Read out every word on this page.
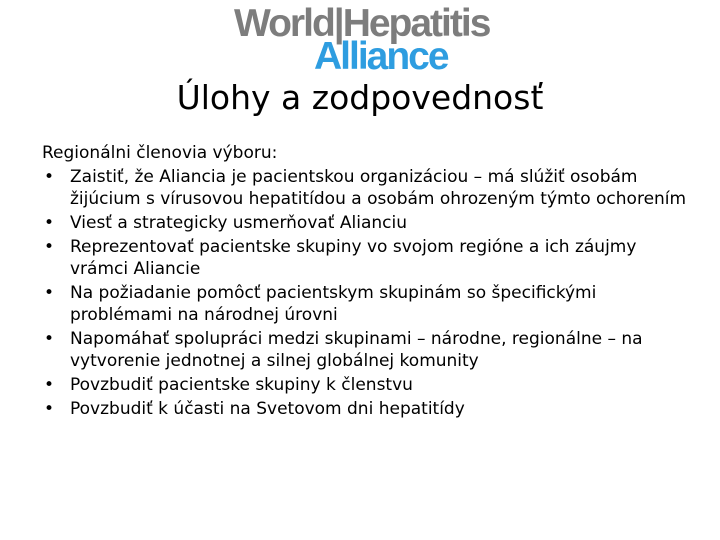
World|Hepatitis
Alliance
Úlohy a zodpovednosť

Regionálni členovia výboru:

• Zaistiť, že Aliancia je pacientskou organizáciou – má slúžiť osobám žijúcium s vírusovou hepatitídou a osobám ohrozeným týmto ochorením
• Viesť a strategicky usmerňovať Alianciu
• Reprezentovať pacientske skupiny vo svojom regióne a ich záujmy vrámci Aliancie
• Na požiadanie pomôcť pacientskym skupinám so špecifickými problémami na národnej úrovni
• Napomáhať spolupráci medzi skupinami – národne, regionálne – na vytvorenie jednotnej a silnej globálnej komunity
• Povzbudiť pacientske skupiny k členstvu
• Povzbudiť k účasti na Svetovom dni hepatitídy
